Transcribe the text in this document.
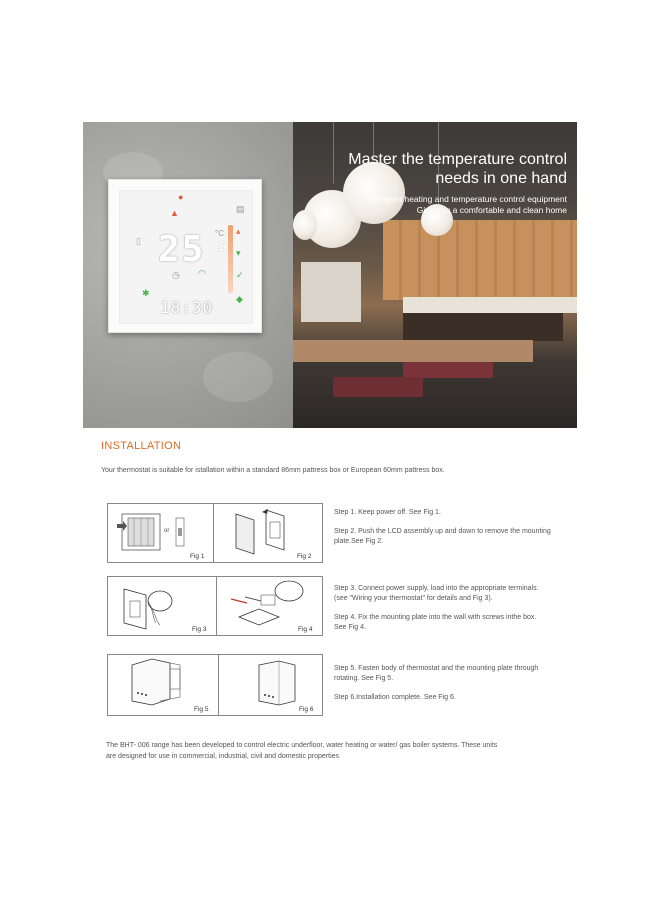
●
▤
▲
▯
▴
25 °C
.5 ▾
◷ ◠	✓
✱
18:30	◆
Master the temperature control
needs in one hand
Intelligent heating and temperature control equipment
Give you a comfortable and clean home
INSTALLATION
Your thermostat is suitable for istallation within a standard 86mm pattress box or European 60mm pattress box.
or
Fig 1	Fig 2
Fig 3	Fig 4
Fig 5	Fig 6

Step 1. Keep power off. See Fig 1.

Step 2. Push the LCD assembly up and down to remove the mounting
plate.See Fig 2.

Step 3. Connect power supply, load into the appropriate terminals.
(see "Wiring your thermostat" for details and Fig 3).

Step 4. Fix the mounting plate into the wall with screws inthe box.
See Fig 4.

Step 5. Fasten body of thermostat and the mounting plate through
rotating. See Fig 5.

Step 6.Installation complete. See Fig 6.

The BHT- 006 range has been developed to control electric underfloor, water heating or water/ gas boiler systems. These units
are designed for use in commercial, industrial, civil and domestic properties
